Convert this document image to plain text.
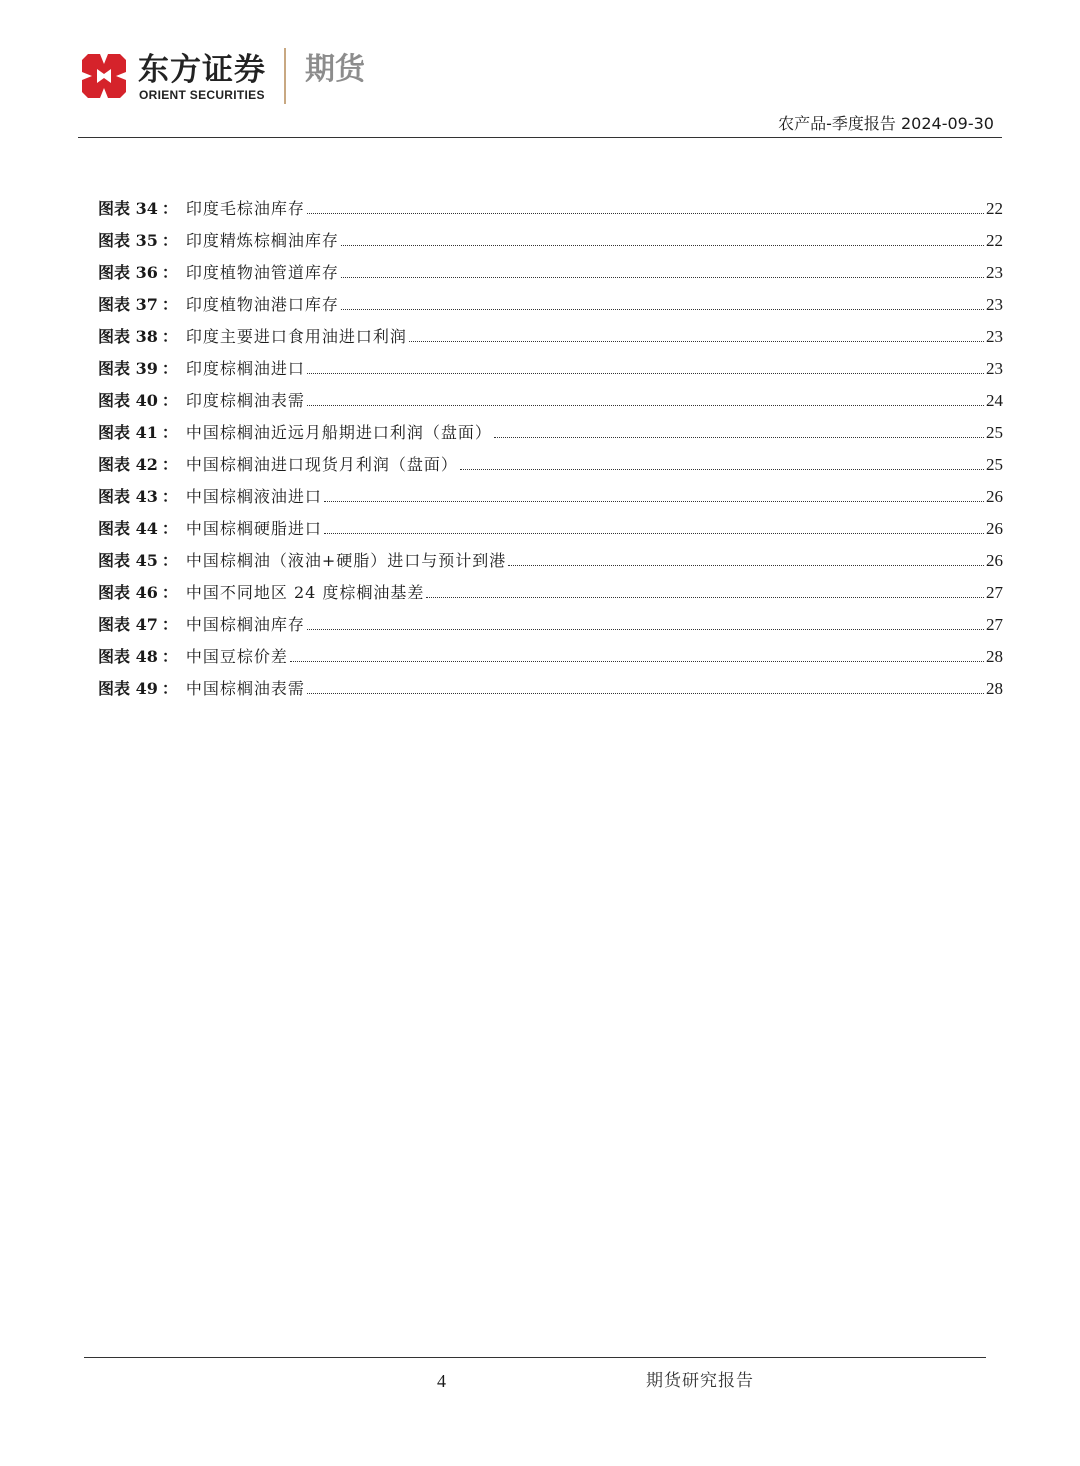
东方证券
ORIENT SECURITIES
期货
农产品-季度报告 2024-09-30
图表 34 ： 印度毛棕油库存	22
图表 35 ： 印度精炼棕榈油库存	22
图表 36 ： 印度植物油管道库存	23
图表 37 ： 印度植物油港口库存	23
图表 38 ： 印度主要进口食用油进口利润	23
图表 39 ： 印度棕榈油进口	23
图表 40 ： 印度棕榈油表需	24
图表 41 ： 中国棕榈油近远月船期进口利润（盘面）	25
图表 42 ： 中国棕榈油进口现货月利润（盘面）	25
图表 43 ： 中国棕榈液油进口	26
图表 44 ： 中国棕榈硬脂进口	26
图表 45 ： 中国棕榈油（液油+硬脂）进口与预计到港	26
图表 46 ： 中国不同地区 24 度棕榈油基差	27
图表 47 ： 中国棕榈油库存	27
图表 48 ： 中国豆棕价差	28
图表 49 ： 中国棕榈油表需	28
4	期货研究报告
